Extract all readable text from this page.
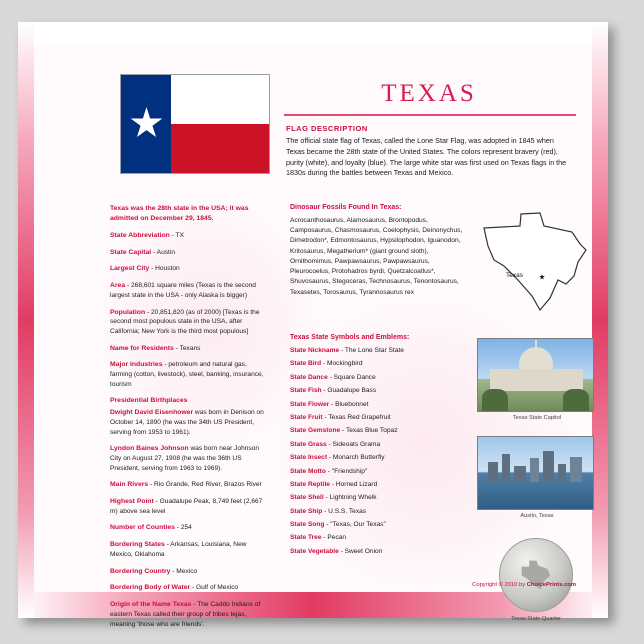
TEXAS
FLAG DESCRIPTION
The official state flag of Texas, called the Lone Star Flag, was adopted in 1845 when Texas became the 28th state of the United States. The colors represent bravery (red), purity (white), and loyalty (blue). The large white star was first used on Texas flags in the 1830s during the battles between Texas and Mexico.
Texas was the 28th state in the USA; it was admitted on December 29, 1845.
State Abbreviation - TX
State Capital - Austin
Largest City - Houston
Area - 268,601 square miles (Texas is the second largest state in the USA - only Alaska is bigger)
Population - 20,851,820 (as of 2000) [Texas is the second most populous state in the USA, after California; New York is the third most populous]
Name for Residents - Texans
Major Industries - petroleum and natural gas, farming (cotton, livestock), steel, banking, insurance, tourism
Presidential Birthplaces
Dwight David Eisenhower was born in Denison on October 14, 1890 (he was the 34th US President, serving from 1953 to 1961).
Lyndon Baines Johnson was born near Johnson City on August 27, 1908 (he was the 36th US President, serving from 1963 to 1969).
Main Rivers - Rio Grande, Red River, Brazos River
Highest Point - Guadalupe Peak, 8,749 feet (2,667 m) above sea level
Number of Counties - 254
Bordering States - Arkansas, Louisiana, New Mexico, Oklahoma
Bordering Country - Mexico
Bordering Body of Water - Gulf of Mexico
Origin of the Name Texas - The Caddo Indians of eastern Texas called their group of tribes tejas, meaning 'those who are friends'.
Dinosaur Fossils Found In Texas:
Acrocanthosaurus, Alamosaurus, Brontopodus, Camposaurus, Chasmosaurus, Coelophysis, Deinonychus, Dimetrodon*, Edmontosaurus, Hypsilophodon, Iguanodon, Kritosaurus, Megatherium* (giant ground sloth), Ornithomimus, Pawpawsaurus, Pawpawsaurus, Pleurocoelus, Protohadros byrdi, Quetzalcoatlus*, Shuvosaurus, Stegoceras, Technosaurus, Tenontosaurus, Texasetes, Torosaurus, Tyrannosaurus rex
Texas State Symbols and Emblems:
State Nickname - The Lone Star State
State Bird - Mockingbird
State Dance - Square Dance
State Fish - Guadalupe Bass
State Flower - Bluebonnet
State Fruit - Texas Red Grapefruit
State Gemstone - Texas Blue Topaz
State Grass - Sideoats Grama
State Insect - Monarch Butterfly
State Motto - "Friendship"
State Reptile - Horned Lizard
State Shell - Lightning Whelk
State Ship - U.S.S. Texas
State Song - "Texas, Our Texas"
State Tree - Pecan
State Vegetable - Sweet Onion
Texas
Texas State Capitol
Austin, Texas
Texas State Quarter
Copyright © 2010 by ChoicePrints.com
